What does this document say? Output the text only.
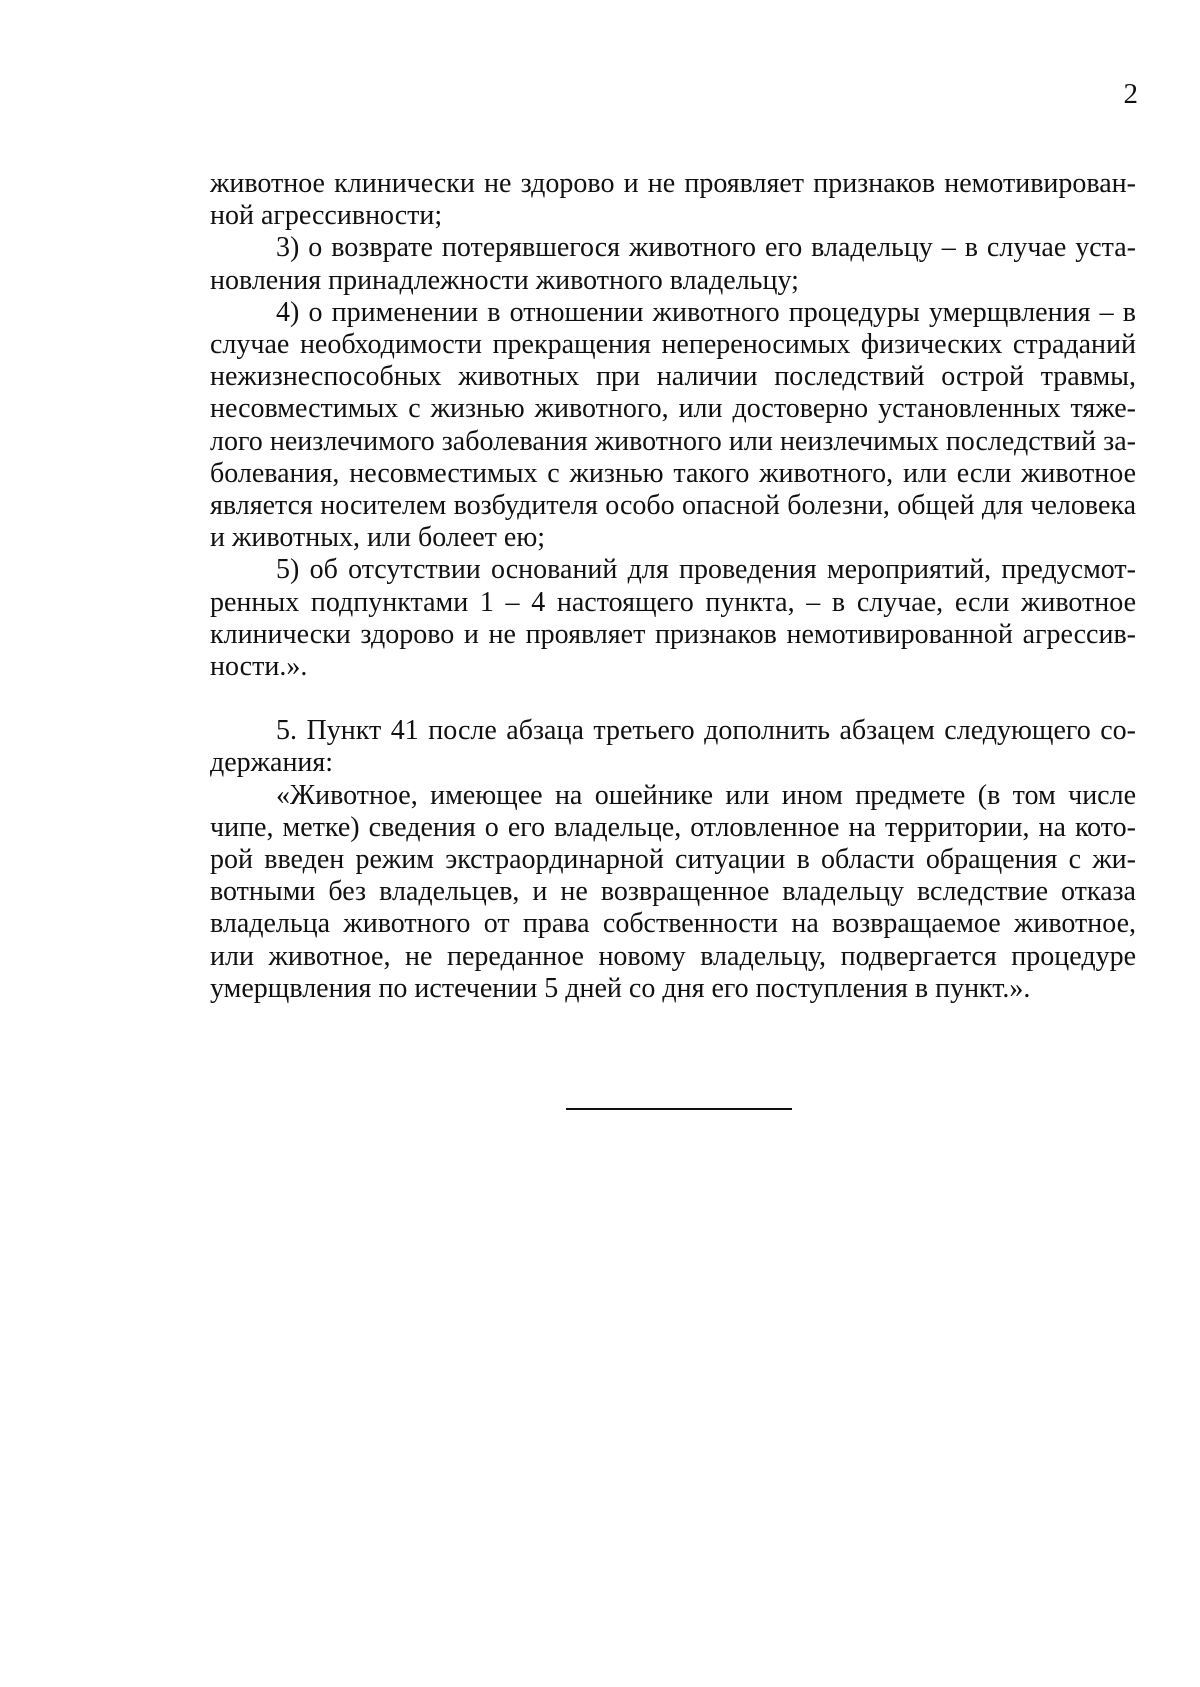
2

животное клинически не здорово и не проявляет признаков немотивированной агрессивности;

3) о возврате потерявшегося животного его владельцу – в случае установления принадлежности животного владельцу;

4) о применении в отношении животного процедуры умерщвления – в случае необходимости прекращения непереносимых физических страданий нежизнеспособных животных при наличии последствий острой травмы, несовместимых с жизнью животного, или достоверно установленных тяжелого неизлечимого заболевания животного или неизлечимых последствий заболевания, несовместимых с жизнью такого животного, или если животное является носителем возбудителя особо опасной болезни, общей для человека и животных, или болеет ею;

5) об отсутствии оснований для проведения мероприятий, предусмотренных подпунктами 1 – 4 настоящего пункта, – в случае, если животное клинически здорово и не проявляет признаков немотивированной агрессивности.».

5. Пункт 41 после абзаца третьего дополнить абзацем следующего содержания:

«Животное, имеющее на ошейнике или ином предмете (в том числе чипе, метке) сведения о его владельце, отловленное на территории, на которой введен режим экстраординарной ситуации в области обращения с животными без владельцев, и не возвращенное владельцу вследствие отказа владельца животного от права собственности на возвращаемое животное, или животное, не переданное новому владельцу, подвергается процедуре умерщвления по истечении 5 дней со дня его поступления в пункт.».
